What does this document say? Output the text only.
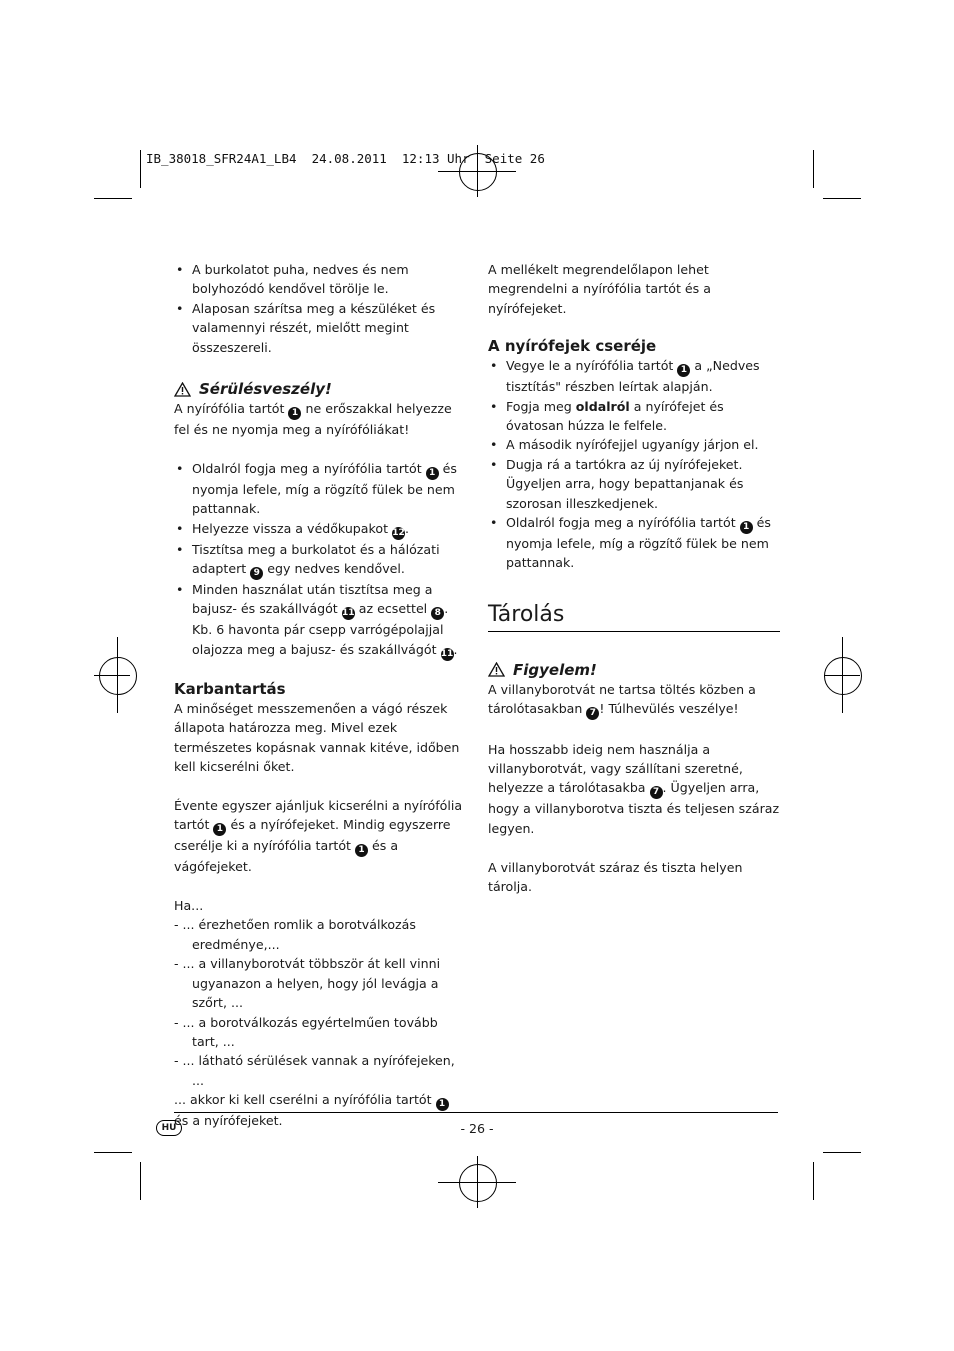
IB_38018_SFR24A1_LB4  24.08.2011  12:13 Uhr  Seite 26
• A burkolatot puha, nedves és nem bolyhozódó kendővel törölje le.
• Alaposan szárítsa meg a készüléket és valamennyi részét, mielőtt megint összeszereli.

Sérülésveszély!

A nyírófólia tartót 1 ne erőszakkal helyezze fel és ne nyomja meg a nyírófóliákat!

• Oldalról fogja meg a nyírófólia tartót 1 és nyomja lefele, míg a rögzítő fülek be nem pattannak.
• Helyezze vissza a védőkupakot 12.
• Tisztítsa meg a burkolatot és a hálózati adaptert 9 egy nedves kendővel.
• Minden használat után tisztítsa meg a bajusz- és szakállvágót 11 az ecsettel 8 . Kb. 6 havonta pár csepp varrógépolajjal olajozza meg a bajusz- és szakállvágót 11.

Karbantartás

A minőséget messzemenően a vágó részek állapota határozza meg. Mivel ezek természetes kopásnak vannak kitéve, időben kell kicserélni őket.

Évente egyszer ajánljuk kicserélni a nyírófólia tartót 1 és a nyírófejeket. Mindig egyszerre cserélje ki a nyírófólia tartót 1 és a vágófejeket.

Ha...

- ... érezhetően romlik a borotválkozás eredménye,...

- ... a villanyborotvát többször át kell vinni ugyanazon a helyen, hogy jól levágja a szőrt, ...

- ... a borotválkozás egyértelműen tovább tart, ...

- ... látható sérülések vannak a nyírófejeken, ...

... akkor ki kell cserélni a nyírófólia tartót 1 és a nyírófejeket.

A mellékelt megrendelőlapon lehet megrendelni a nyírófólia tartót és a nyírófejeket.

A nyírófejek cseréje

• Vegye le a nyírófólia tartót 1 a „Nedves tisztítás" részben leírtak alapján.
• Fogja meg oldalról a nyírófejet és óvatosan húzza le felfele.
• A második nyírófejjel ugyanígy járjon el.
• Dugja rá a tartókra az új nyírófejeket. Ügyeljen arra, hogy bepattanjanak és szorosan illeszkedjenek.
• Oldalról fogja meg a nyírófólia tartót 1 és nyomja lefele, míg a rögzítő fülek be nem pattannak.

Tárolás

Figyelem!

A villanyborotvát ne tartsa töltés közben a tárolótasakban 7 ! Túlhevülés veszélye!

Ha hosszabb ideig nem használja a villanyborotvát, vagy szállítani szeretné, helyezze a tárolótasakba 7 . Ügyeljen arra, hogy a villanyborotva tiszta és teljesen száraz legyen.

A villanyborotvát száraz és tiszta helyen tárolja.

HU	- 26 -
